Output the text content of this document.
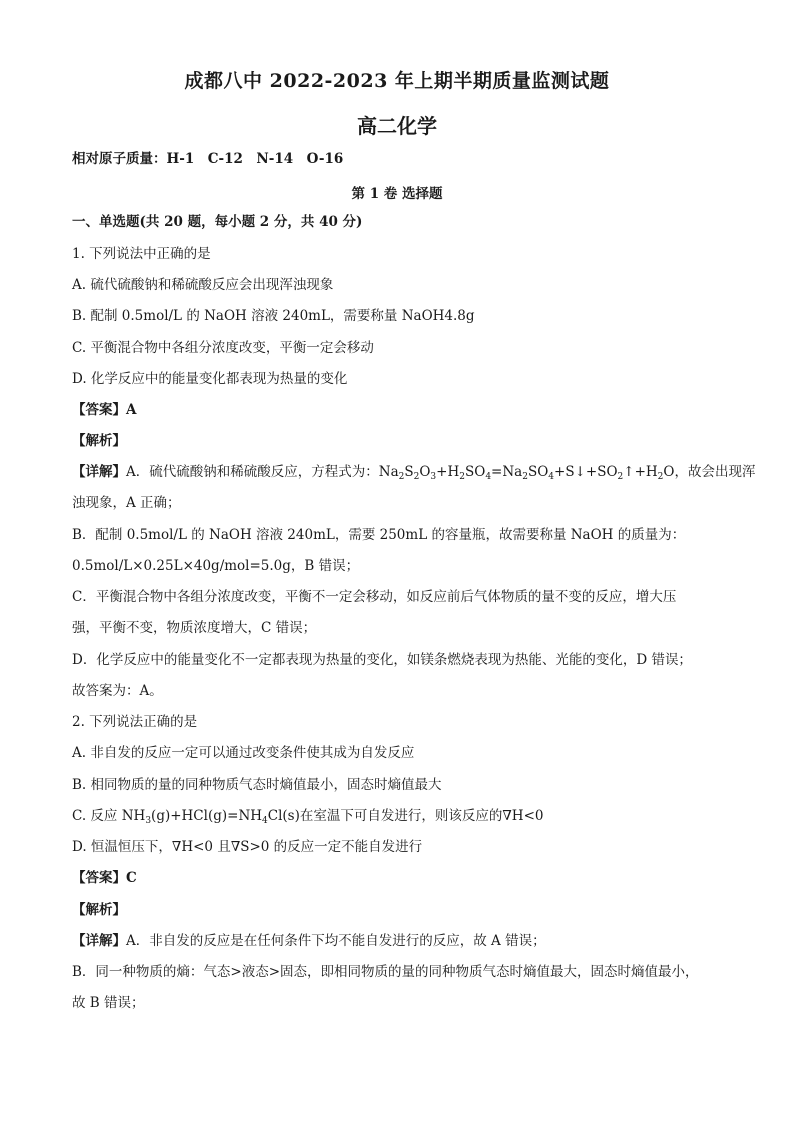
成都八中 2022-2023 年上期半期质量监测试题
高二化学
相对原子质量：H-1　C-12　N-14　O-16
第 1 卷 选择题
一、单选题(共 20 题，每小题 2 分，共 40 分)
1. 下列说法中正确的是
A. 硫代硫酸钠和稀硫酸反应会出现浑浊现象
B. 配制 0.5mol/L 的 NaOH 溶液 240mL，需要称量 NaOH4.8g
C. 平衡混合物中各组分浓度改变，平衡一定会移动
D. 化学反应中的能量变化都表现为热量的变化
【答案】A
【解析】
【详解】A．硫代硫酸钠和稀硫酸反应，方程式为：$Na_2S_2O_3+H_2SO_4=Na_2SO_4+S↓+SO_2↑+H_2O$，故会出现浑
浊现象，A 正确；
B．配制 0.5mol/L 的 NaOH 溶液 240mL，需要 250mL 的容量瓶，故需要称量 NaOH 的质量为：
0.5mol/L×0.25L×40g/mol=5.0g，B 错误；
C．平衡混合物中各组分浓度改变，平衡不一定会移动，如反应前后气体物质的量不变的反应，增大压
强，平衡不变，物质浓度增大，C 错误；
D．化学反应中的能量变化不一定都表现为热量的变化，如镁条燃烧表现为热能、光能的变化，D 错误；
故答案为：A。
2. 下列说法正确的是
A. 非自发的反应一定可以通过改变条件使其成为自发反应
B. 相同物质的量的同种物质气态时熵值最小，固态时熵值最大
C. 反应 $NH_3(g)+HCl(g)=NH_4Cl(s)$在室温下可自发进行，则该反应的∇H<0
D. 恒温恒压下，∇H<0 且∇S>0 的反应一定不能自发进行
【答案】C
【解析】
【详解】A．非自发的反应是在任何条件下均不能自发进行的反应，故 A 错误；
B．同一种物质的熵：气态>液态>固态，即相同物质的量的同种物质气态时熵值最大，固态时熵值最小，
故 B 错误；
